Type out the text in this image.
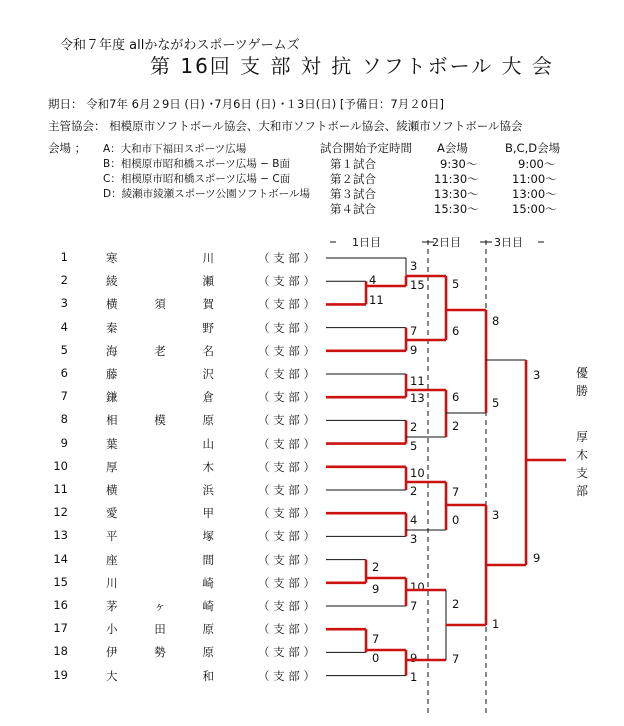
令和７年度 allかながわスポーツゲームズ
第 16回 支 部 対 抗 ソフトボール 大 会
期日： 令和7年 6月２9日 (日) ･7月6日 (日) ･１3日(日) [予備日：7月２0日]
主管協会： 相模原市ソフトボール協会、大和市ソフトボール協会、綾瀬市ソフトボール協会
会場 ； A：大和市下福田スポーツ広場
B：相模原市昭和橋スポーツ広場 − B面
C：相模原市昭和橋スポーツ広場 − C面
D：綾瀬市綾瀬スポーツ公園ソフトボール場
試合開始予定時間 A会場	B,C,D会場
第１試合	9:30〜	9:00〜
第２試合	11:30〜	11:00〜
第３試合	13:30〜	13:00〜
第４試合	15:30〜	15:00〜
1日目	2日目	3日目
1	寒	川	（ 支 部 ）
2	綾	瀬	（ 支 部 ）
3	横	須	賀	（ 支 部 ）
4	秦	野	（ 支 部 ）
5	海	老	名	（ 支 部 ）
6	藤	沢	（ 支 部 ）
7	鎌	倉	（ 支 部 ）
8	相	模	原	（ 支 部 ）
9	葉	山	（ 支 部 ）
10	厚	木	（ 支 部 ）
11	横	浜	（ 支 部 ）
12	愛	甲	（ 支 部 ）
13	平	塚	（ 支 部 ）
14	座	間	（ 支 部 ）
15	川	崎	（ 支 部 ）
16	茅	ヶ	崎	（ 支 部 ）
17	小	田	原	（ 支 部 ）
18	伊	勢	原	（ 支 部 ）
19	大	和	（ 支 部 ）
4
11
3
15
7
9
11
13
2
5
10
2
4
3
2
9	10
7
7
0	9
1
5
6
6
2
7
0
2
7
8
5
3
1
3
9
優勝
厚木支部
